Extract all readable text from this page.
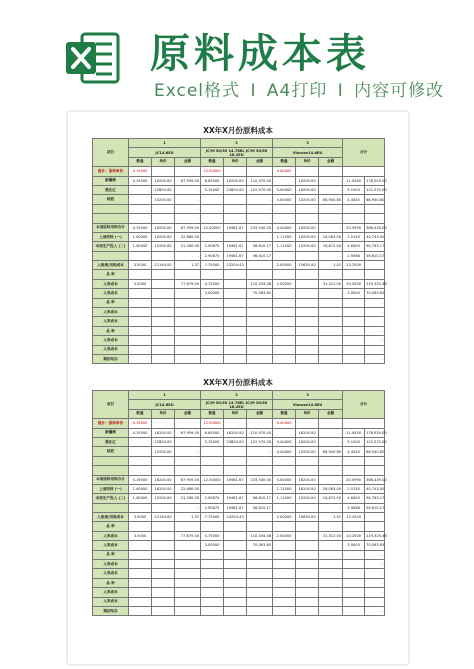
原料成本表
Excel格式 I A4打印 I 内容可修改
XX年X月份原料成本
项目	1			2			3			合计	
	JC14.6EU			JC/M 50/50 14.78EL JC/M 50/50 18.2EU			Viscose14.6EU				
	数量	单价	金额	数量	单价	金额	数量	单价	金额		
流计：原料单价	4.19500			12.00000			4.40400				
新疆棉	4.19500	16200.00	67,959.00	6.85000	16200.00	110,970.00		16200.00	-	11.0450	178,929.00
黑化亿		22800.00	-	5.15000	23800.00	122,570.00	4.40400	16200.00	-	5.1500	122,570.00
粘胶		15200.00	-			-	4.40400	15200.00	66,940.80	4.4040	66,940.80
			-			-			-		
			-			-			-		
本周原料用料合计	4.19500	16200.00	67,959.00	12.00000	19461.67	233,540.00	4.40400	16200.00	-	20.5990	368,439.00
上周结转 (一)	1.40000	16200.00	22,680.00			-	1.11500	16200.00	18,063.00	2.5150	40,743.00
本周生产投入 (二)	1.40000	15200.00	21,280.00	2.90875	19461.67	56,610.17	1.11000	15200.00	16,872.00	4.6400	94,763.17
			-	2.90875	19461.67	56,610.17			-	2.9088	56,610.17
入账规/用料成本	3.5000	22194.00	1.37	7.75000	23204.43		2.00000	15650.00	1.01	13.2500	
品 种											
入库成本	3.5000		77,679.00	4.75000		110,334.48	2.00000		31,312.00	10.2500	219,325.48
入库成本				3.00000		70,063.85				3.0000	70,063.85
品 种											-
入库成本											-
入库成本											-
品 种											-
入库成本											-
入库成本											-
期初结存											-
XX年X月份原料成本
项目	1			2			3			合计	
	JC14.6EU			JC/M 50/50 14.78EL JC/M 50/50 18.2EU			Viscose14.6EU				
	数量	单价	金额	数量	单价	金额	数量	单价	金额		
流计：原料单价	4.19500			12.00000			4.40400				
新疆棉	4.19500	16200.00	67,959.00	6.85000	16200.00	110,970.00		16200.00	-	11.0450	178,929.00
黑化亿		22800.00	-	5.15000	23800.00	122,570.00	4.40400	16200.00	-	5.1500	122,570.00
粘胶		15200.00	-			-	4.40400	15200.00	66,940.80	4.4040	66,940.80
			-			-			-		
			-			-			-		
本周原料用料合计	4.19500	16200.00	67,959.00	12.00000	19461.67	233,540.00	4.40400	16200.00	-	20.5990	368,439.00
上周结转 (一)	1.40000	16200.00	22,680.00			-	1.11500	16200.00	18,063.00	2.5150	40,743.00
本周生产投入 (二)	1.40000	15200.00	21,280.00	2.90875	19461.67	56,610.17	1.11000	15200.00	16,872.00	4.6400	94,763.17
			-	2.90875	19461.67	56,610.17			-	2.9088	56,610.17
入账规/用料成本	3.5000	22194.00	1.37	7.75000	23204.43		2.00000	15650.00	1.01	13.2500	
品 种											
入库成本	3.5000		77,679.00	4.75000		110,334.48	2.00000		31,312.00	10.2500	219,325.48
入库成本				3.00000		70,063.85				3.0000	70,063.85
品 种											-
入库成本											-
入库成本											-
品 种											-
入库成本											-
入库成本											-
期初结存											-
